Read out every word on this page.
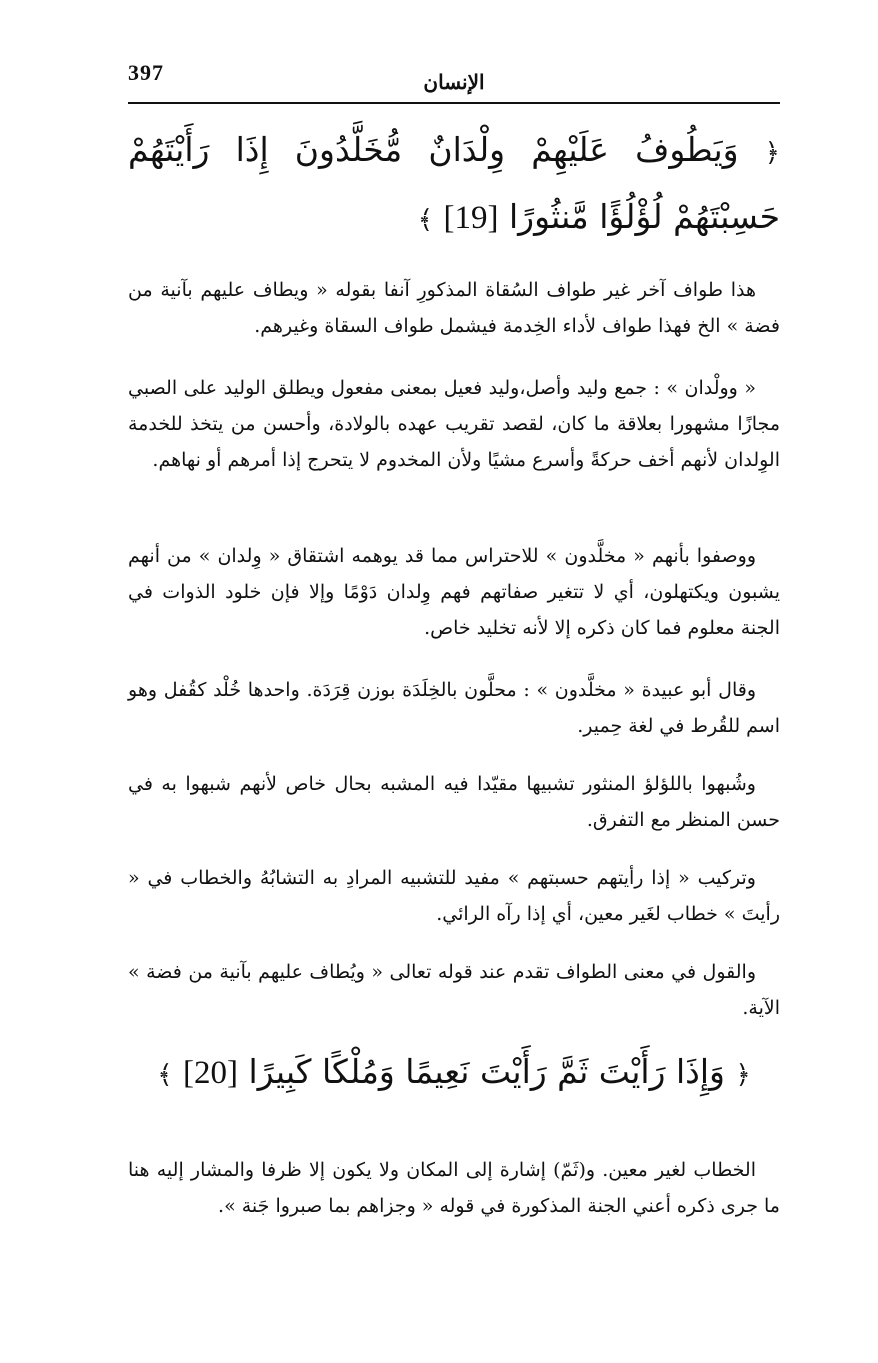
397	الإنسان
﴿ وَيَطُوفُ عَلَيْهِمْ وِلْدَانٌ مُّخَلَّدُونَ إِذَا رَأَيْتَهُمْ حَسِبْتَهُمْ لُؤْلُؤًا مَّنثُورًا [19] ﴾

هذا طواف آخر غير طواف السُقاة المذكورِ آنفا بقوله « ويطاف عليهم بآنية من فضة » الخ فهذا طواف لأداء الخِدمة فيشمل طواف السقاة وغيرهم.

« وولْدان » : جمع وليد وأصل،وليد فعيل بمعنى مفعول ويطلق الوليد على الصبي مجازًا مشهورا بعلاقة ما كان، لقصد تقريب عهده بالولادة، وأحسن من يتخذ للخدمة الوِلدان لأنهم أخف حركةً وأسرع مشيًا ولأن المخدوم لا يتحرج إذا أمرهم أو نهاهم.

ووصفوا بأنهم « مخلَّدون » للاحتراس مما قد يوهمه اشتقاق « وِلدان » من أنهم يشبون ويكتهلون، أي لا تتغير صفاتهم فهم وِلدان دَوْمًا وإلا فإن خلود الذوات في الجنة معلوم فما كان ذكره إلا لأنه تخليد خاص.

وقال أبو عبيدة « مخلَّدون » : محلَّون بالخِلَدَة بوزن قِرَدَة. واحدها خُلْد كقُفل وهو اسم للقُرط في لغة حِمير.

وشُبهوا باللؤلؤ المنثور تشبيها مقيّدا فيه المشبه بحال خاص لأنهم شبهوا به في حسن المنظر مع التفرق.

وتركيب « إذا رأيتهم حسبتهم » مفيد للتشبيه المرادِ به التشابُهُ والخطاب في « رأيتَ » خطاب لغَير معين، أي إذا رآه الرائي.

والقول في معنى الطواف تقدم عند قوله تعالى « ويُطاف عليهم بآنية من فضة » الآية.

﴿ وَإِذَا رَأَيْتَ ثَمَّ رَأَيْتَ نَعِيمًا وَمُلْكًا كَبِيرًا [20] ﴾

الخطاب لغير معين. و(ثَمّ) إشارة إلى المكان ولا يكون إلا ظرفا والمشار إليه هنا ما جرى ذكره أعني الجنة المذكورة في قوله « وجزاهم بما صبروا جَنة ».
